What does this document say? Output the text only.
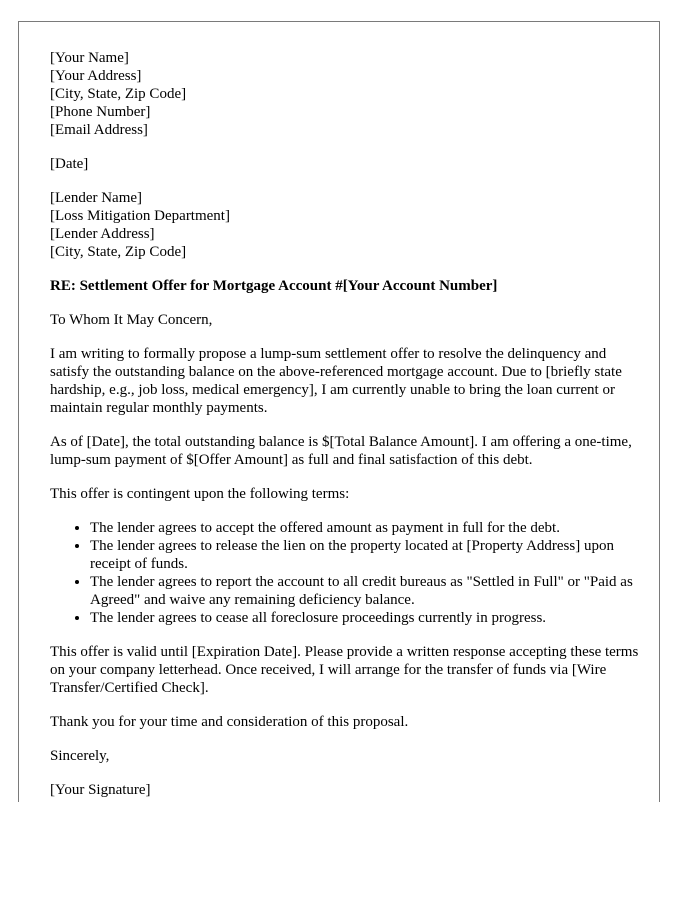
[Your Name]
[Your Address]
[City, State, Zip Code]
[Phone Number]
[Email Address]
[Date]
[Lender Name]
[Loss Mitigation Department]
[Lender Address]
[City, State, Zip Code]
RE: Settlement Offer for Mortgage Account #[Your Account Number]

To Whom It May Concern,

I am writing to formally propose a lump-sum settlement offer to resolve the delinquency and satisfy the outstanding balance on the above-referenced mortgage account. Due to [briefly state hardship, e.g., job loss, medical emergency], I am currently unable to bring the loan current or maintain regular monthly payments.

As of [Date], the total outstanding balance is $[Total Balance Amount]. I am offering a one-time, lump-sum payment of $[Offer Amount] as full and final satisfaction of this debt.

This offer is contingent upon the following terms:

• The lender agrees to accept the offered amount as payment in full for the debt.
• The lender agrees to release the lien on the property located at [Property Address] upon receipt of funds.
• The lender agrees to report the account to all credit bureaus as "Settled in Full" or "Paid as Agreed" and waive any remaining deficiency balance.
• The lender agrees to cease all foreclosure proceedings currently in progress.

This offer is valid until [Expiration Date]. Please provide a written response accepting these terms on your company letterhead. Once received, I will arrange for the transfer of funds via [Wire Transfer/Certified Check].

Thank you for your time and consideration of this proposal.

Sincerely,

[Your Signature]
